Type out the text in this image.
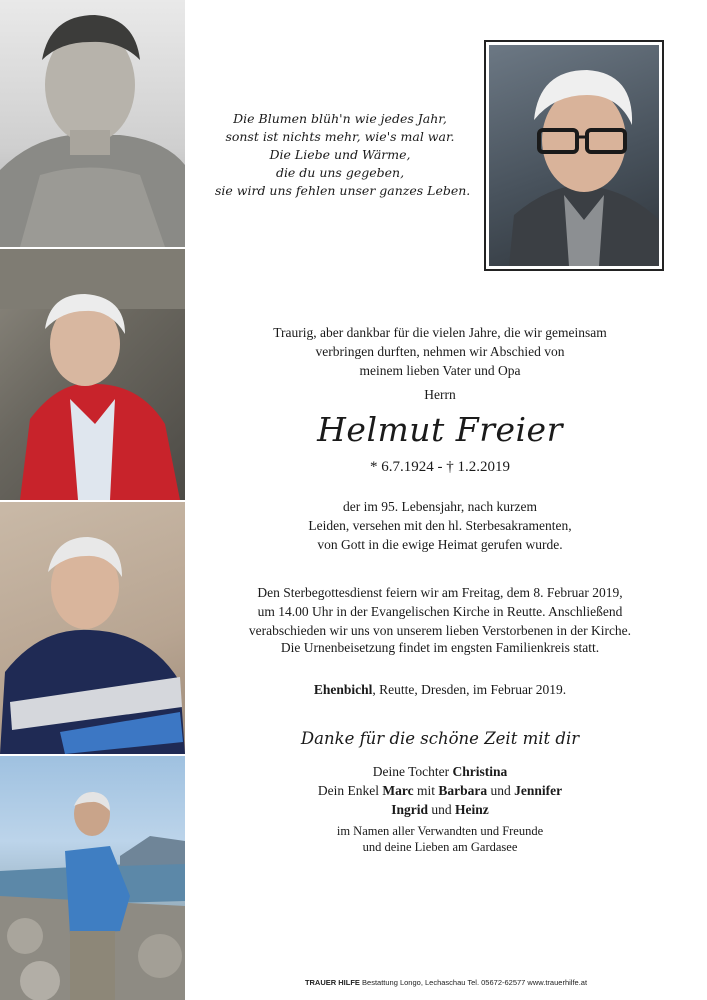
Die Blumen blüh'n wie jedes Jahr,
sonst ist nichts mehr, wie's mal war.
Die Liebe und Wärme,
die du uns gegeben,
sie wird uns fehlen unser ganzes Leben.
Traurig, aber dankbar für die vielen Jahre, die wir gemeinsam
verbringen durften, nehmen wir Abschied von
meinem lieben Vater und Opa
Herrn
Helmut Freier
* 6.7.1924 - † 1.2.2019
der im 95. Lebensjahr, nach kurzem
Leiden, versehen mit den hl. Sterbesakramenten,
von Gott in die ewige Heimat gerufen wurde.
Den Sterbegottesdienst feiern wir am Freitag, dem 8. Februar 2019,
um 14.00 Uhr in der Evangelischen Kirche in Reutte. Anschließend
verabschieden wir uns von unserem lieben Verstorbenen in der Kirche.
Die Urnenbeisetzung findet im engsten Familienkreis statt.
Ehenbichl, Reutte, Dresden, im Februar 2019.
Danke für die schöne Zeit mit dir
Deine Tochter Christina
Dein Enkel Marc mit Barbara und Jennifer
Ingrid und Heinz
im Namen aller Verwandten und Freunde
und deine Lieben am Gardasee
TRAUER HILFE Bestattung Longo, Lechaschau Tel. 05672-62577 www.trauerhilfe.at
